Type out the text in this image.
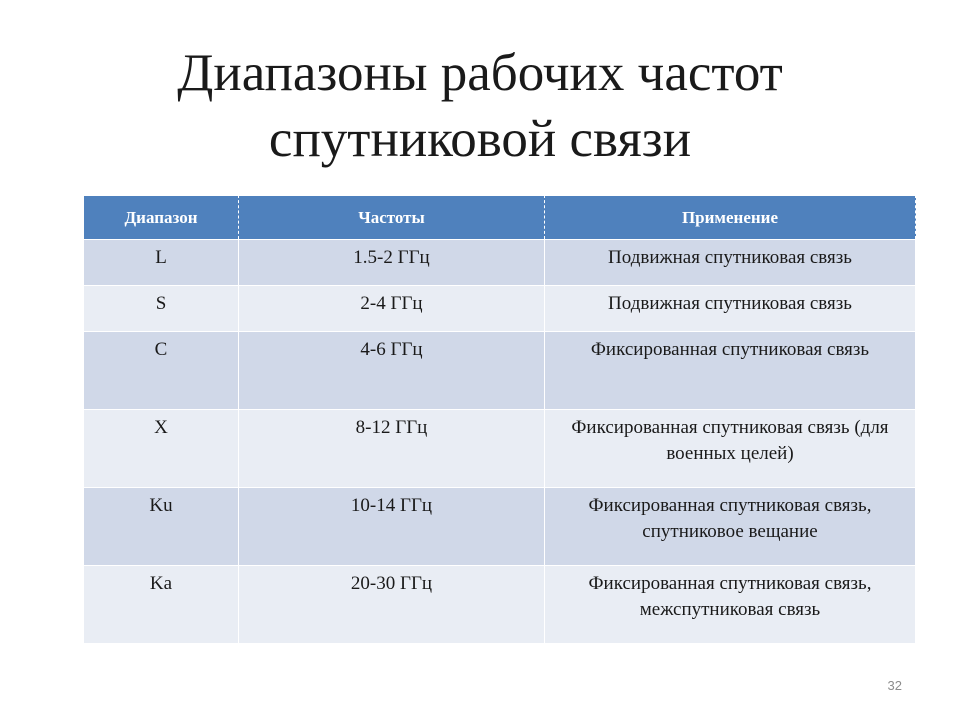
Диапазоны рабочих частот
спутниковой связи
Диапазон	Частоты	Применение
L	1.5-2 ГГц	Подвижная спутниковая связь
S	2-4 ГГц	Подвижная спутниковая связь
C	4-6 ГГц	Фиксированная спутниковая связь
X	8-12 ГГц	Фиксированная спутниковая связь (для военных целей)
Ku	10-14 ГГц	Фиксированная спутниковая связь, спутниковое вещание
Ka	20-30 ГГц	Фиксированная спутниковая связь, межспутниковая связь
32
